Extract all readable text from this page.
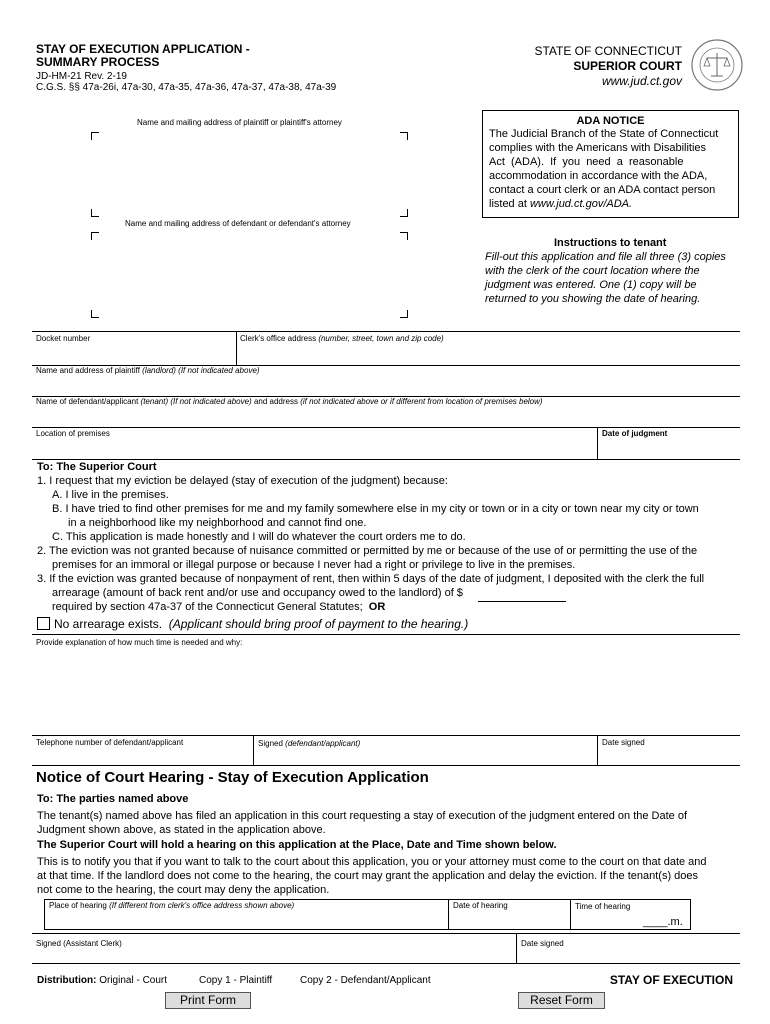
STAY OF EXECUTION APPLICATION -
SUMMARY PROCESS
JD-HM-21 Rev. 2-19
C.G.S. §§ 47a-26i, 47a-30, 47a-35, 47a-36, 47a-37, 47a-38, 47a-39
STATE OF CONNECTICUT
SUPERIOR COURT
www.jud.ct.gov
Name and mailing address of plaintiff or plaintiff's attorney
Name and mailing address of defendant or defendant's attorney
ADA NOTICE
The Judicial Branch of the State of Connecticut
complies with the Americans with Disabilities
Act  (ADA).  If  you  need  a  reasonable
accommodation in accordance with the ADA,
contact a court clerk or an ADA contact person
listed at www.jud.ct.gov/ADA.
Instructions to tenant
Fill-out this application and file all three (3) copies
with the clerk of the court location where the
judgment was entered. One (1) copy will be
returned to you showing the date of hearing.
Docket number	Clerk's office address (number, street, town and zip code)
Name and address of plaintiff (landlord) (If not indicated above)
Name of defendant/applicant (tenant) (If not indicated above) and address (if not indicated above or if different from location of premises below)
Location of premises	Date of judgment
To: The Superior Court
1. I request that my eviction be delayed (stay of execution of the judgment) because:
A. I live in the premises.
B. I have tried to find other premises for me and my family somewhere else in my city or town or in a city or town near my city or town
in a neighborhood like my neighborhood and cannot find one.
C. This application is made honestly and I will do whatever the court orders me to do.
2. The eviction was not granted because of nuisance committed or permitted by me or because of the use of or permitting the use of the
premises for an immoral or illegal purpose or because I never had a right or privilege to live in the premises.
3. If the eviction was granted because of nonpayment of rent, then within 5 days of the date of judgment, I deposited with the clerk the full
arrearage (amount of back rent and/or use and occupancy owed to the landlord) of $
required by section 47a-37 of the Connecticut General Statutes; OR
No arrearage exists. (Applicant should bring proof of payment to the hearing.)
Provide explanation of how much time is needed and why:
Telephone number of defendant/applicant	Signed (defendant/applicant)	Date signed
Notice of Court Hearing - Stay of Execution Application
To: The parties named above
The tenant(s) named above has filed an application in this court requesting a stay of execution of the judgment entered on the Date of
Judgment shown above, as stated in the application above.
The Superior Court will hold a hearing on this application at the Place, Date and Time shown below.
This is to notify you that if you want to talk to the court about this application, you or your attorney must come to the court on that date and
at that time. If the landlord does not come to the hearing, the court may grant the application and delay the eviction. If the tenant(s) does
not come to the hearing, the court may deny the application.
Place of hearing (If different from clerk's office address shown above)	Date of hearing	Time of hearing
____.m.
Signed (Assistant Clerk)	Date signed
Distribution: Original - Court	Copy 1 - Plaintiff	Copy 2 - Defendant/Applicant	STAY OF EXECUTION
Print Form	Reset Form
